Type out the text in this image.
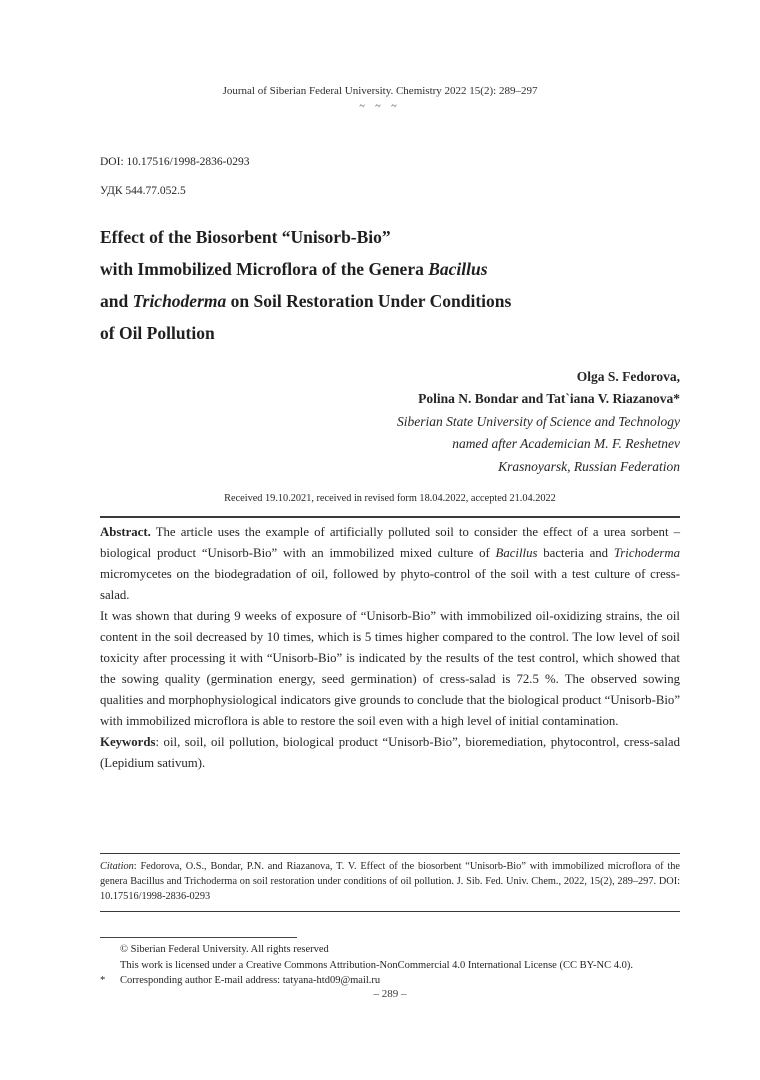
Journal of Siberian Federal University. Chemistry 2022 15(2): 289–297
~ ~ ~
DOI: 10.17516/1998-2836-0293
УДК 544.77.052.5
Effect of the Biosorbent “Unisorb-Bio”
with Immobilized Microflora of the Genera Bacillus
and Trichoderma on Soil Restoration Under Conditions
of Oil Pollution
Olga S. Fedorova,
Polina N. Bondar and Tat`iana V. Riazanova*
Siberian State University of Science and Technology
named after Academician M. F. Reshetnev
Krasnoyarsk, Russian Federation
Received 19.10.2021, received in revised form 18.04.2022, accepted 21.04.2022

Abstract. The article uses the example of artificially polluted soil to consider the effect of a urea sorbent – biological product “Unisorb-Bio” with an immobilized mixed culture of Bacillus bacteria and Trichoderma micromycetes on the biodegradation of oil, followed by phyto-control of the soil with a test culture of cress-salad.

It was shown that during 9 weeks of exposure of “Unisorb-Bio” with immobilized oil-oxidizing strains, the oil content in the soil decreased by 10 times, which is 5 times higher compared to the control. The low level of soil toxicity after processing it with “Unisorb-Bio” is indicated by the results of the test control, which showed that the sowing quality (germination energy, seed germination) of cress-salad is 72.5 %. The observed sowing qualities and morphophysiological indicators give grounds to conclude that the biological product “Unisorb-Bio” with immobilized microflora is able to restore the soil even with a high level of initial contamination.

Keywords: oil, soil, oil pollution, biological product “Unisorb-Bio”, bioremediation, phytocontrol, cress-salad (Lepidium sativum).

Citation: Fedorova, O.S., Bondar, P.N. and Riazanova, T. V. Effect of the biosorbent “Unisorb-Bio” with immobilized microflora of the genera Bacillus and Trichoderma on soil restoration under conditions of oil pollution. J. Sib. Fed. Univ. Chem., 2022, 15(2), 289–297. DOI: 10.17516/1998-2836-0293
© Siberian Federal University. All rights reserved
This work is licensed under a Creative Commons Attribution-NonCommercial 4.0 International License (CC BY-NC 4.0).
* Corresponding author E-mail address: tatyana-htd09@mail.ru
– 289 –
